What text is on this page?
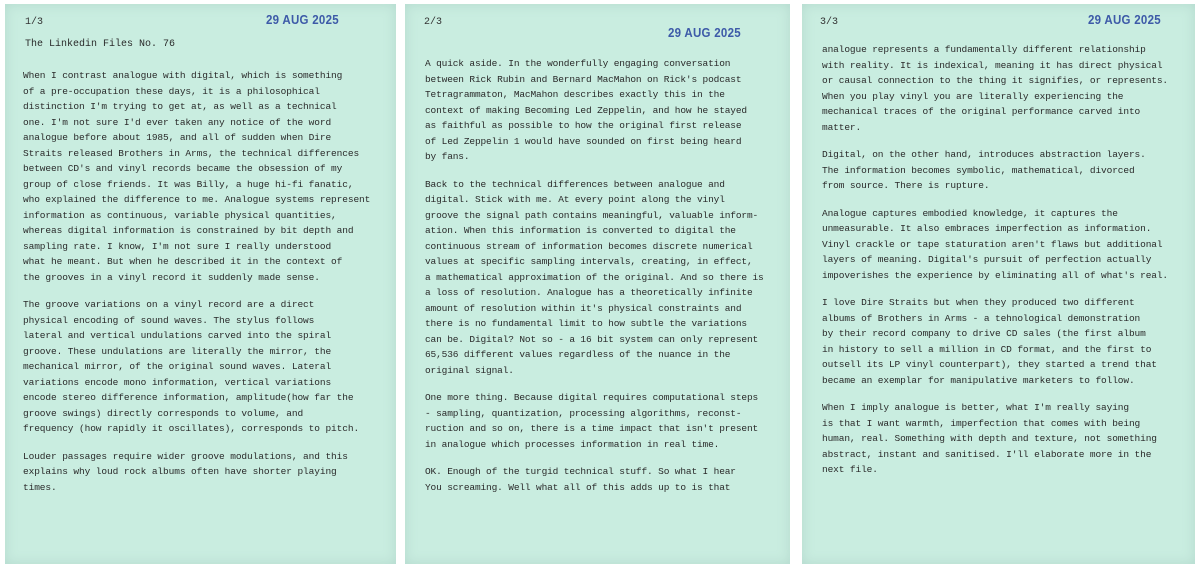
1/3	29 AUG 2025
The Linkedin Files No. 76
When I contrast analogue with digital, which is something
of a pre-occupation these days, it is a philosophical
distinction I'm trying to get at, as well as a technical
one. I'm not sure I'd ever taken any notice of the word
analogue before about 1985, and all of sudden when Dire
Straits released Brothers in Arms, the technical differences
between CD's and vinyl records became the obsession of my
group of close friends. It was Billy, a huge hi-fi fanatic,
who explained the difference to me. Analogue systems represent
information as continuous, variable physical quantities,
whereas digital information is constrained by bit depth and
sampling rate. I know, I'm not sure I really understood
what he meant. But when he described it in the context of
the grooves in a vinyl record it suddenly made sense.
The groove variations on a vinyl record are a direct
physical encoding of sound waves. The stylus follows
lateral and vertical undulations carved into the spiral
groove. These undulations are literally the mirror, the
mechanical mirror, of the original sound waves. Lateral
variations encode mono information, vertical variations
encode stereo difference information, amplitude(how far the
groove swings) directly corresponds to volume, and
frequency (how rapidly it oscillates), corresponds to pitch.
Louder passages require wider groove modulations, and this
explains why loud rock albums often have shorter playing
times.
2/3
29 AUG 2025
A quick aside. In the wonderfully engaging conversation
between Rick Rubin and Bernard MacMahon on Rick's podcast
Tetragrammaton, MacMahon describes exactly this in the
context of making Becoming Led Zeppelin, and how he stayed
as faithful as possible to how the original first release
of Led Zeppelin 1 would have sounded on first being heard
by fans.
Back to the technical differences between analogue and
digital. Stick with me. At every point along the vinyl
groove the signal path contains meaningful, valuable inform-
ation. When this information is converted to digital the
continuous stream of information becomes discrete numerical
values at specific sampling intervals, creating, in effect,
a mathematical approximation of the original. And so there is
a loss of resolution. Analogue has a theoretically infinite
amount of resolution within it's physical constraints and
there is no fundamental limit to how subtle the variations
can be. Digital? Not so - a 16 bit system can only represent
65,536 different values regardless of the nuance in the
original signal.
One more thing. Because digital requires computational steps
- sampling, quantization, processing algorithms, reconst-
ruction and so on, there is a time impact that isn't present
in analogue which processes information in real time.
OK. Enough of the turgid technical stuff. So what I hear
You screaming. Well what all of this adds up to is that
3/3	29 AUG 2025
analogue represents a fundamentally different relationship
with reality. It is indexical, meaning it has direct physical
or causal connection to the thing it signifies, or represents.
When you play vinyl you are literally experiencing the
mechanical traces of the original performance carved into
matter.
Digital, on the other hand, introduces abstraction layers.
The information becomes symbolic, mathematical, divorced
from source. There is rupture.
Analogue captures embodied knowledge, it captures the
unmeasurable. It also embraces imperfection as information.
Vinyl crackle or tape staturation aren't flaws but additional
layers of meaning. Digital's pursuit of perfection actually
impoverishes the experience by eliminating all of what's real.
I love Dire Straits but when they produced two different
albums of Brothers in Arms - a tehnological demonstration
by their record company to drive CD sales (the first album
in history to sell a million in CD format, and the first to
outsell its LP vinyl counterpart), they started a trend that
became an exemplar for manipulative marketers to follow.
When I imply analogue is better, what I'm really saying
is that I want warmth, imperfection that comes with being
human, real. Something with depth and texture, not something
abstract, instant and sanitised. I'll elaborate more in the
next file.
